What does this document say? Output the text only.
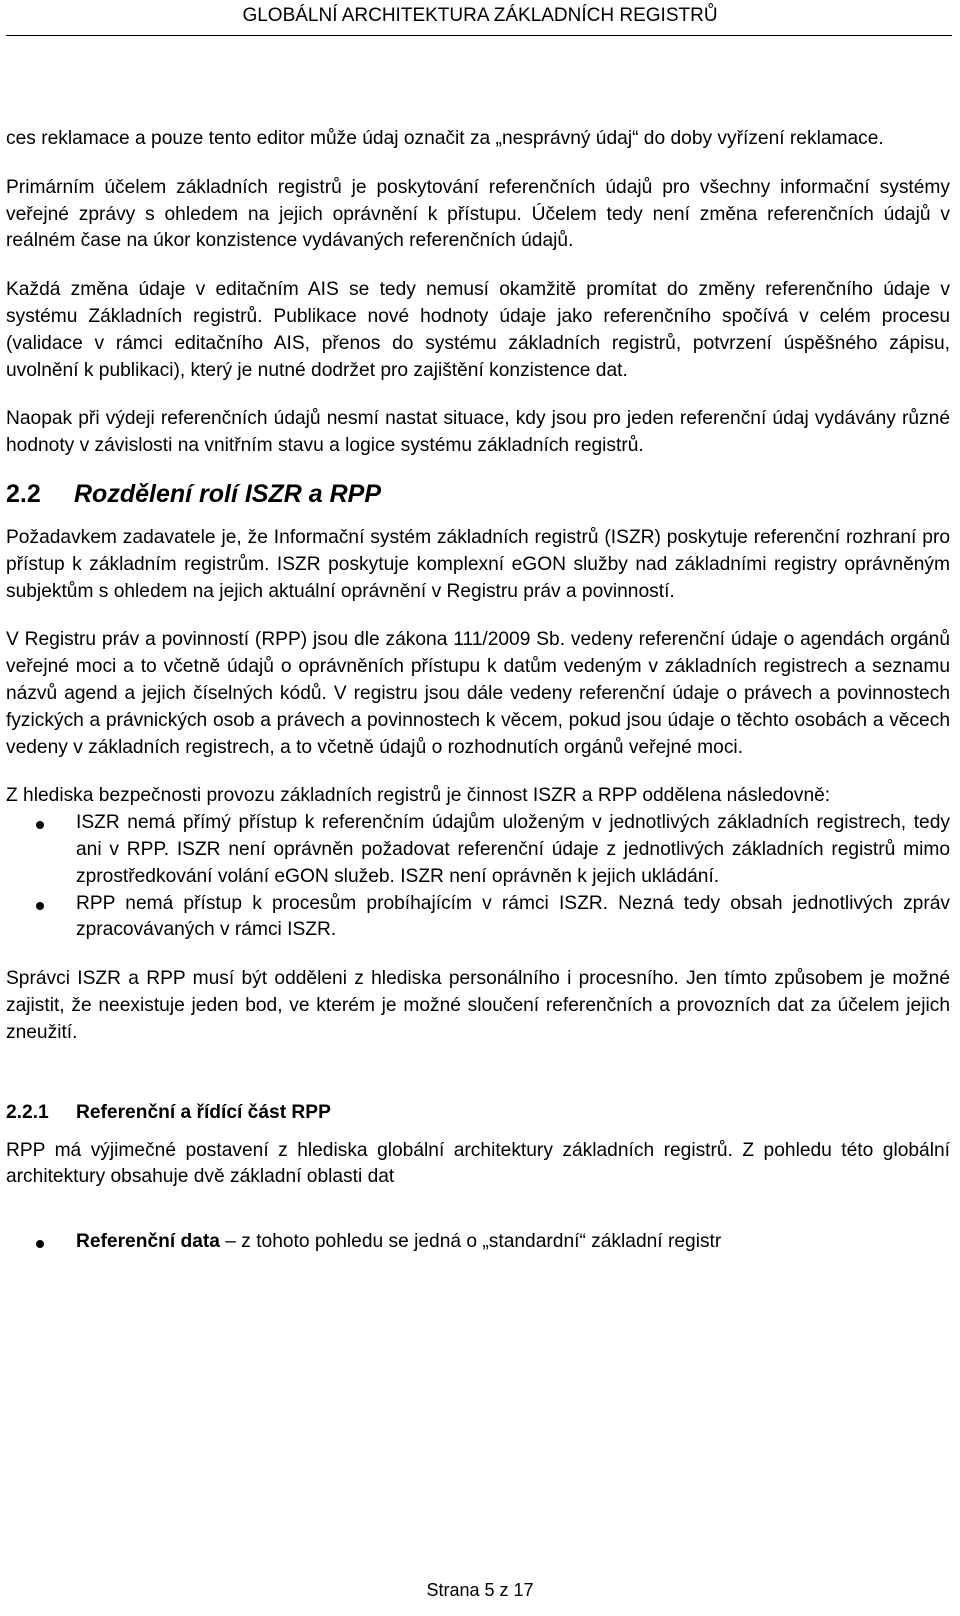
GLOBÁLNÍ ARCHITEKTURA ZÁKLADNÍCH REGISTRŮ

ces reklamace a pouze tento editor může údaj označit za „nesprávný údaj“ do doby vyřízení reklamace.

Primárním účelem základních registrů je poskytování referenčních údajů pro všechny informační systémy veřejné zprávy s ohledem na jejich oprávnění k přístupu. Účelem tedy není změna referenčních údajů v reálném čase na úkor konzistence vydávaných referenčních údajů.

Každá změna údaje v editačním AIS se tedy nemusí okamžitě promítat do změny referenčního údaje v systému Základních registrů. Publikace nové hodnoty údaje jako referenčního spočívá v celém procesu (validace v rámci editačního AIS, přenos do systému základních registrů, potvrzení úspěšného zápisu, uvolnění k publikaci), který je nutné dodržet pro zajištění konzistence dat.

Naopak při výdeji referenčních údajů nesmí nastat situace, kdy jsou pro jeden referenční údaj vydávány různé hodnoty v závislosti na vnitřním stavu a logice systému základních registrů.

2.2 Rozdělení rolí ISZR a RPP

Požadavkem zadavatele je, že Informační systém základních registrů (ISZR) poskytuje referenční rozhraní pro přístup k základním registrům. ISZR poskytuje komplexní eGON služby nad základními registry oprávněným subjektům s ohledem na jejich aktuální oprávnění v Registru práv a povinností.

V Registru práv a povinností (RPP) jsou dle zákona 111/2009 Sb. vedeny referenční údaje o agendách orgánů veřejné moci a to včetně údajů o oprávněních přístupu k datům vedeným v základních registrech a seznamu názvů agend a jejich číselných kódů. V registru jsou dále vedeny referenční údaje o právech a povinnostech fyzických a právnických osob a právech a povinnostech k věcem, pokud jsou údaje o těchto osobách a věcech vedeny v základních registrech, a to včetně údajů o rozhodnutích orgánů veřejné moci.

Z hlediska bezpečnosti provozu základních registrů je činnost ISZR a RPP oddělena následovně:

ISZR nemá přímý přístup k referenčním údajům uloženým v jednotlivých základních registrech, tedy ani v RPP. ISZR není oprávněn požadovat referenční údaje z jednotlivých základních registrů mimo zprostředkování volání eGON služeb. ISZR není oprávněn k jejich ukládání.
RPP nemá přístup k procesům probíhajícím v rámci ISZR. Nezná tedy obsah jednotlivých zpráv zpracovávaných v rámci ISZR.

Správci ISZR a RPP musí být odděleni z hlediska personálního i procesního. Jen tímto způsobem je možné zajistit, že neexistuje jeden bod, ve kterém je možné sloučení referenčních a provozních dat za účelem jejich zneužití.

2.2.1 Referenční a řídící část RPP

RPP má výjimečné postavení z hlediska globální architektury základních registrů. Z pohledu této globální architektury obsahuje dvě základní oblasti dat

Referenční data – z tohoto pohledu se jedná o „standardní“ základní registr
Strana 5 z 17
